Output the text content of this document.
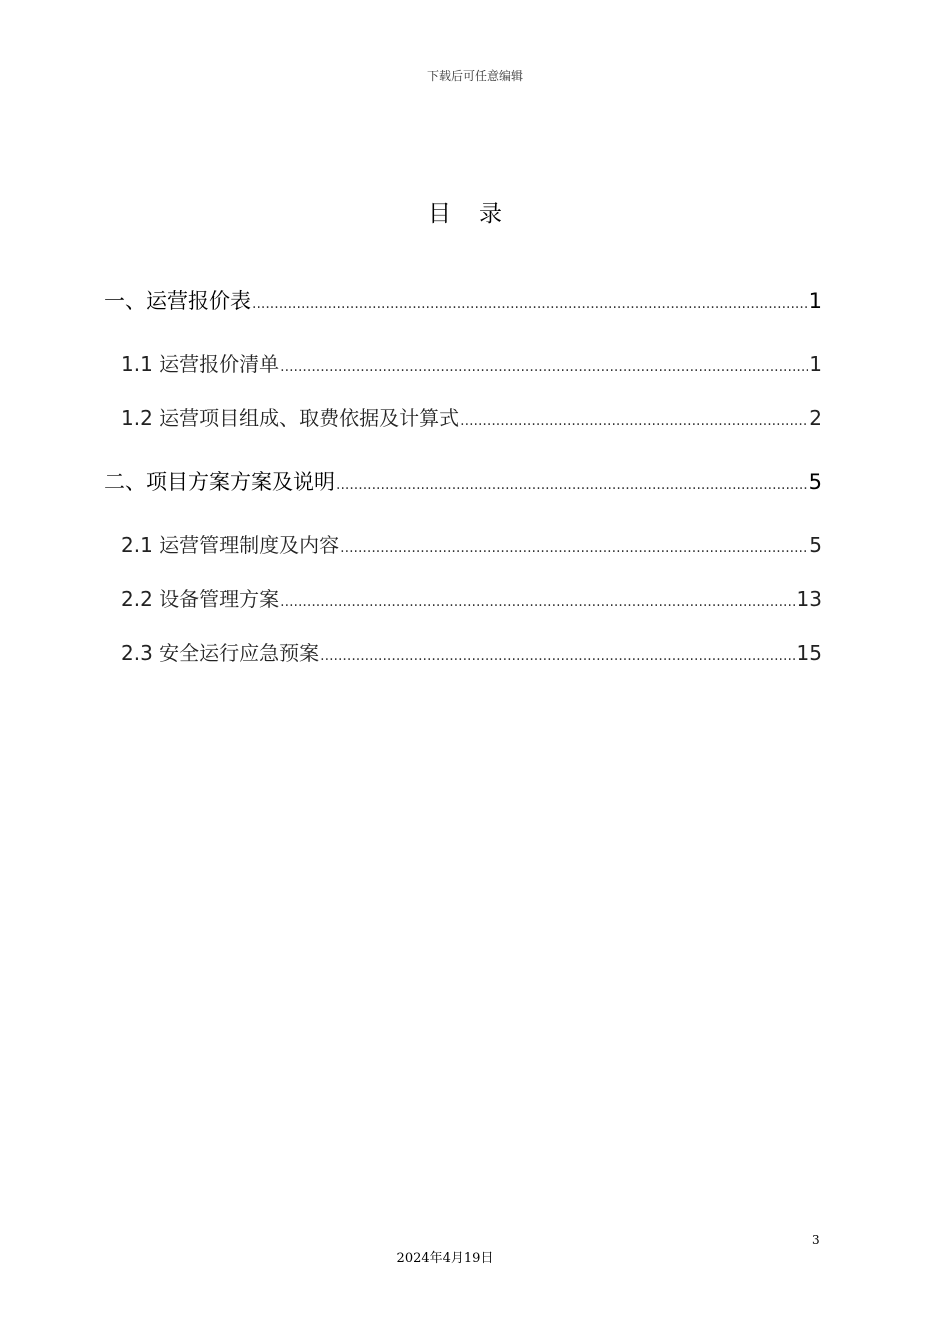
下载后可任意编辑
目录
一、运营报价表 .....	1
1.1 运营报价清单 .....	1
1.2 运营项目组成、取费依据及计算式 .....	2
二、项目方案方案及说明 .....	5
2.1 运营管理制度及内容 .....	5
2.2 设备管理方案 .....	13
2.3 安全运行应急预案 .....	15
3
2024年4月19日
